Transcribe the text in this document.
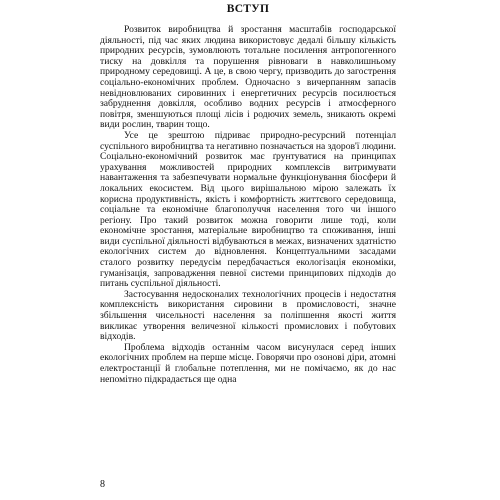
ВСТУП

Розвиток виробництва й зростання масштабів господарської діяльності, під час яких людина використовує дедалі більшу кількість природних ресурсів, зумовлюють тотальне посилення антропогенного тиску на довкілля та порушення рівноваги в навколишньому природному середовищі. А це, в свою чергу, призводить до загострення соціально-економічних проблем. Одночасно з вичерпанням запасів невідновлюваних сировинних і енергетичних ресурсів посилюється забруднення довкілля, особливо водних ресурсів і атмосферного повітря, зменшуються площі лісів і родючих земель, зникають окремі види рослин, тварин тощо.

Усе це зрештою підриває природно-ресурсний потенціал суспільного виробництва та негативно позначається на здоров'ї людини. Соціально-економічний розвиток має ґрунтуватися на принципах урахування можливостей природних комплексів витримувати навантаження та забезпечувати нормальне функціонування біосфери й локальних екосистем. Від цього вирішальною мірою залежать їх корисна продуктивність, якість і комфортність життєвого середовища, соціальне та економічне благополуччя населення того чи іншого регіону. Про такий розвиток можна говорити лише тоді, коли економічне зростання, матеріальне виробництво та споживання, інші види суспільної діяльності відбуваються в межах, визначених здатністю екологічних систем до відновлення. Концептуальними засадами сталого розвитку передусім передбачається екологізація економіки, гуманізація, запровадження певної системи принципових підходів до питань суспільної діяльності.

Застосування недосконалих технологічних процесів і недостатня комплексність використання сировини в промисловості, значне збільшення чисельності населення за поліпшення якості життя викликає утворення величезної кількості промислових і побутових відходів.

Проблема відходів останнім часом висунулася серед інших екологічних проблем на перше місце. Говорячи про озонові діри, атомні електростанції й глобальне потеплення, ми не помічаємо, як до нас непомітно підкрадається ще одна

8
